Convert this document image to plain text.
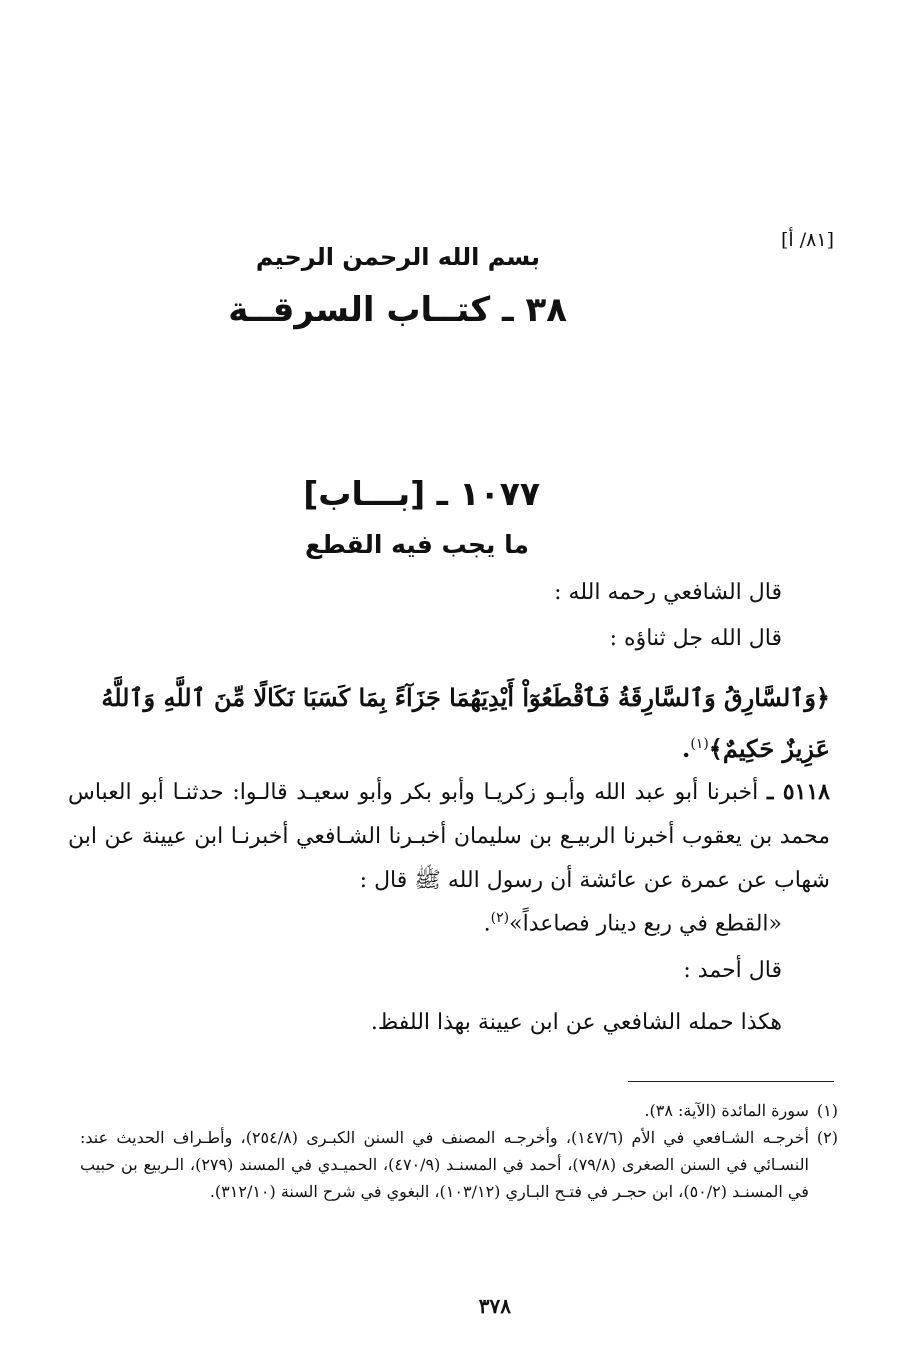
[٨١/ أ]
بسم الله الرحمن الرحيم
٣٨ ـ كتــاب السرقــة
١٠٧٧ ـ [بـــاب]
ما يجب فيه القطع
قال الشافعي رحمه الله :
قال الله جل ثناؤه :
﴿وَٱلسَّارِقُ وَٱلسَّارِقَةُ فَٱقْطَعُوٓاْ أَيْدِيَهُمَا جَزَآءً بِمَا كَسَبَا نَكَالًا مِّنَ ٱللَّهِ وَٱللَّهُ عَزِيزٌ حَكِيمٌ﴾$^{(١)}$.
٥١١٨ ـ أخبرنا أبو عبد الله وأبـو زكريـا وأبو بكر وأبو سعيـد قالـوا: حدثنـا أبو العباس محمد بن يعقوب أخبرنا الربيـع بن سليمان أخبـرنا الشـافعي أخبرنـا ابن عيينة عن ابن شهاب عن عمرة عن عائشة أن رسول الله ﷺ قال :
«القطع في ربع دينار فصاعداً»$^{(٢)}$.
قال أحمد :
هكذا حمله الشافعي عن ابن عيينة بهذا اللفظ.
(١)
سورة المائدة (الآية: ٣٨).
(٢)
أخرجـه الشـافعي في الأم (١٤٧/٦)، وأخرجـه المصنف في السنن الكبـرى (٢٥٤/٨)، وأطـراف الحديث عند: النسـائي في السنن الصغرى (٧٩/٨)، أحمد في المسنـد (٤٧٠/٩)، الحميـدي في المسند (٢٧٩)، الـربيع بن حبيب في المسنـد (٥٠/٢)، ابن حجـر في فتـح البـاري (١٠٣/١٢)، البغوي في شرح السنة (٣١٢/١٠).
٣٧٨
